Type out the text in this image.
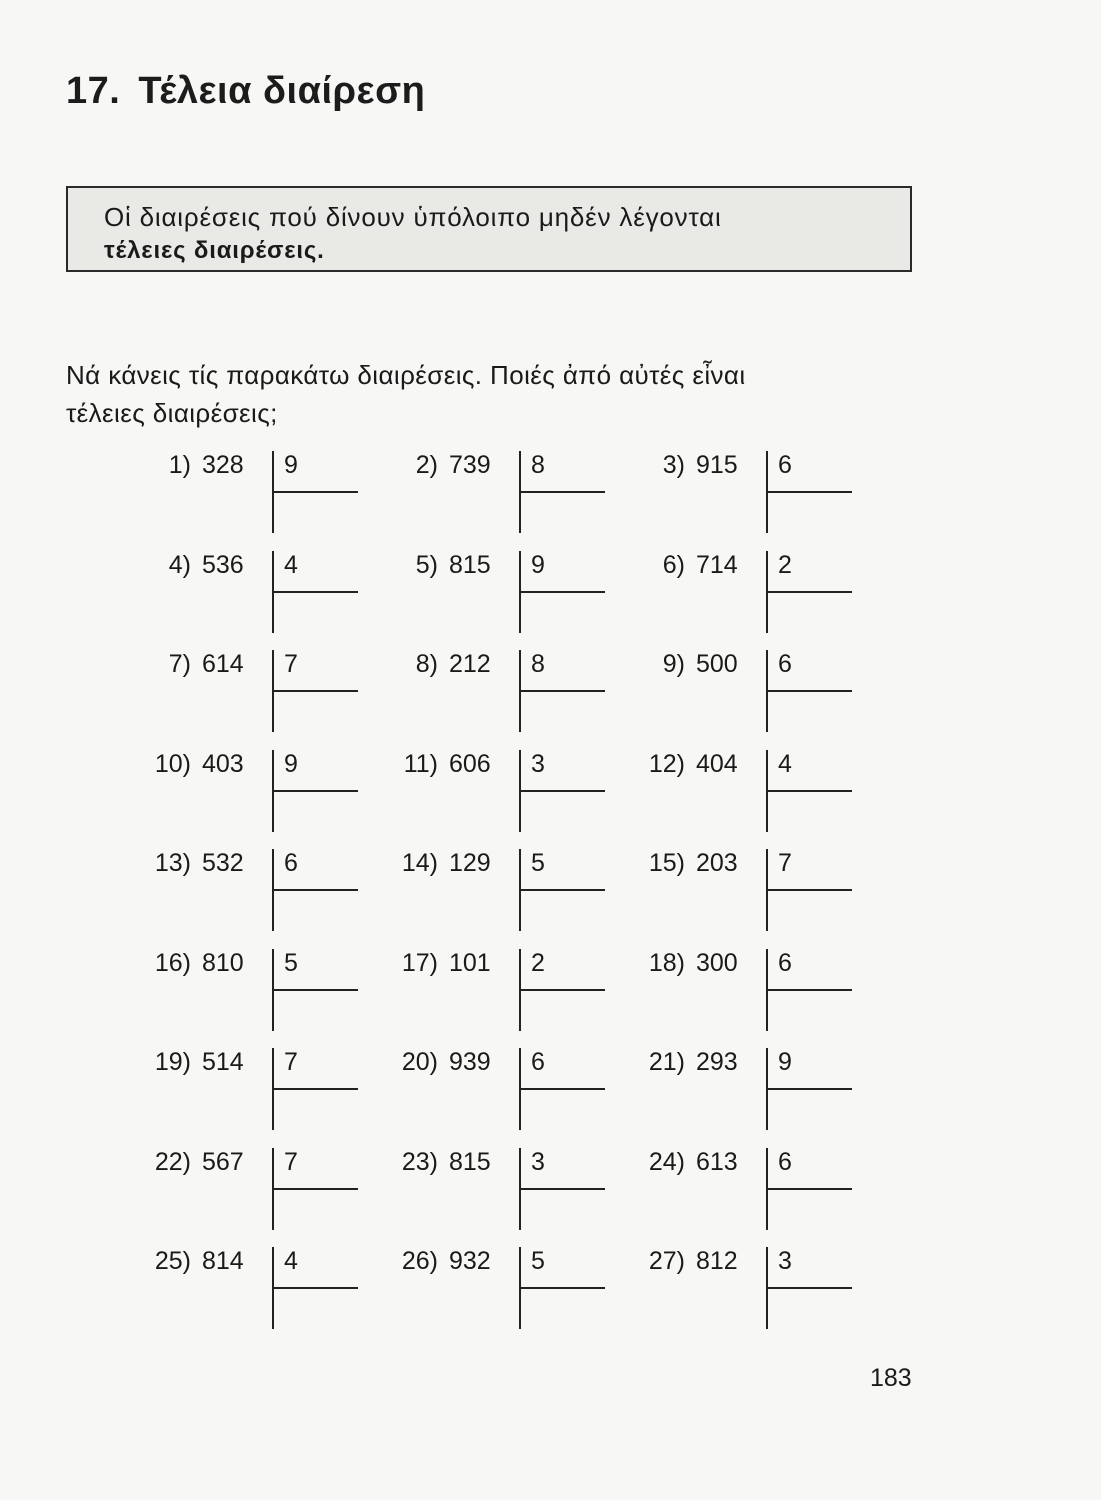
17. Τέλεια διαίρεση
Οἱ διαιρέσεις πού δίνουν ὑπόλοιπο μηδέν λέγονται
τέλειες διαιρέσεις.
Νά κάνεις τίς παρακάτω διαιρέσεις. Ποιές ἀπό αὐτές εἶναι
τέλειες διαιρέσεις;
1) 328 9	2) 739 8	3) 915 6
4) 536 4	5) 815 9	6) 714 2
7) 614 7	8) 212 8	9) 500 6
10) 403 9	11) 606 3	12) 404 4
13) 532 6	14) 129 5	15) 203 7
16) 810 5	17) 101 2	18) 300 6
19) 514 7	20) 939 6	21) 293 9
22) 567 7	23) 815 3	24) 613 6
25) 814 4	26) 932 5	27) 812 3
183
